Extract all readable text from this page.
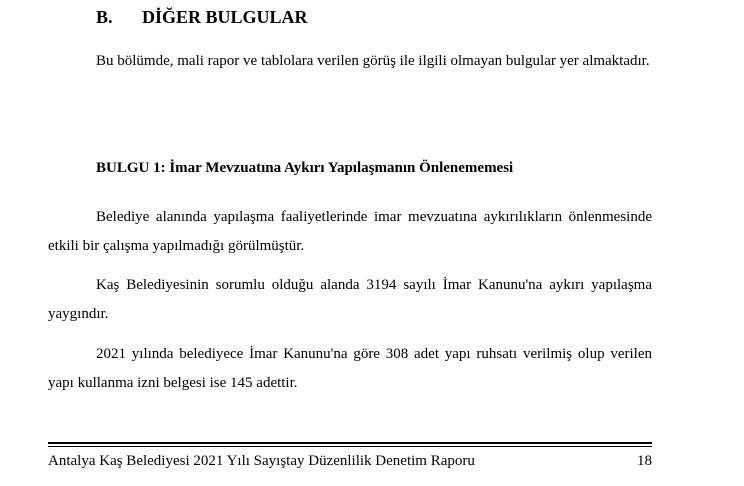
B. DİĞER BULGULAR

Bu bölümde, mali rapor ve tablolara verilen görüş ile ilgili olmayan bulgular yer almaktadır.

BULGU 1: İmar Mevzuatına Aykırı Yapılaşmanın Önlenememesi

Belediye alanında yapılaşma faaliyetlerinde imar mevzuatına aykırılıkların önlenmesinde etkili bir çalışma yapılmadığı görülmüştür.

Kaş Belediyesinin sorumlu olduğu alanda 3194 sayılı İmar Kanunu'na aykırı yapılaşma yaygındır.

2021 yılında belediyece İmar Kanunu'na göre 308 adet yapı ruhsatı verilmiş olup verilen yapı kullanma izni belgesi ise 145 adettir.

Antalya Kaş Belediyesi 2021 Yılı Sayıştay Düzenlilik Denetim Raporu	18
